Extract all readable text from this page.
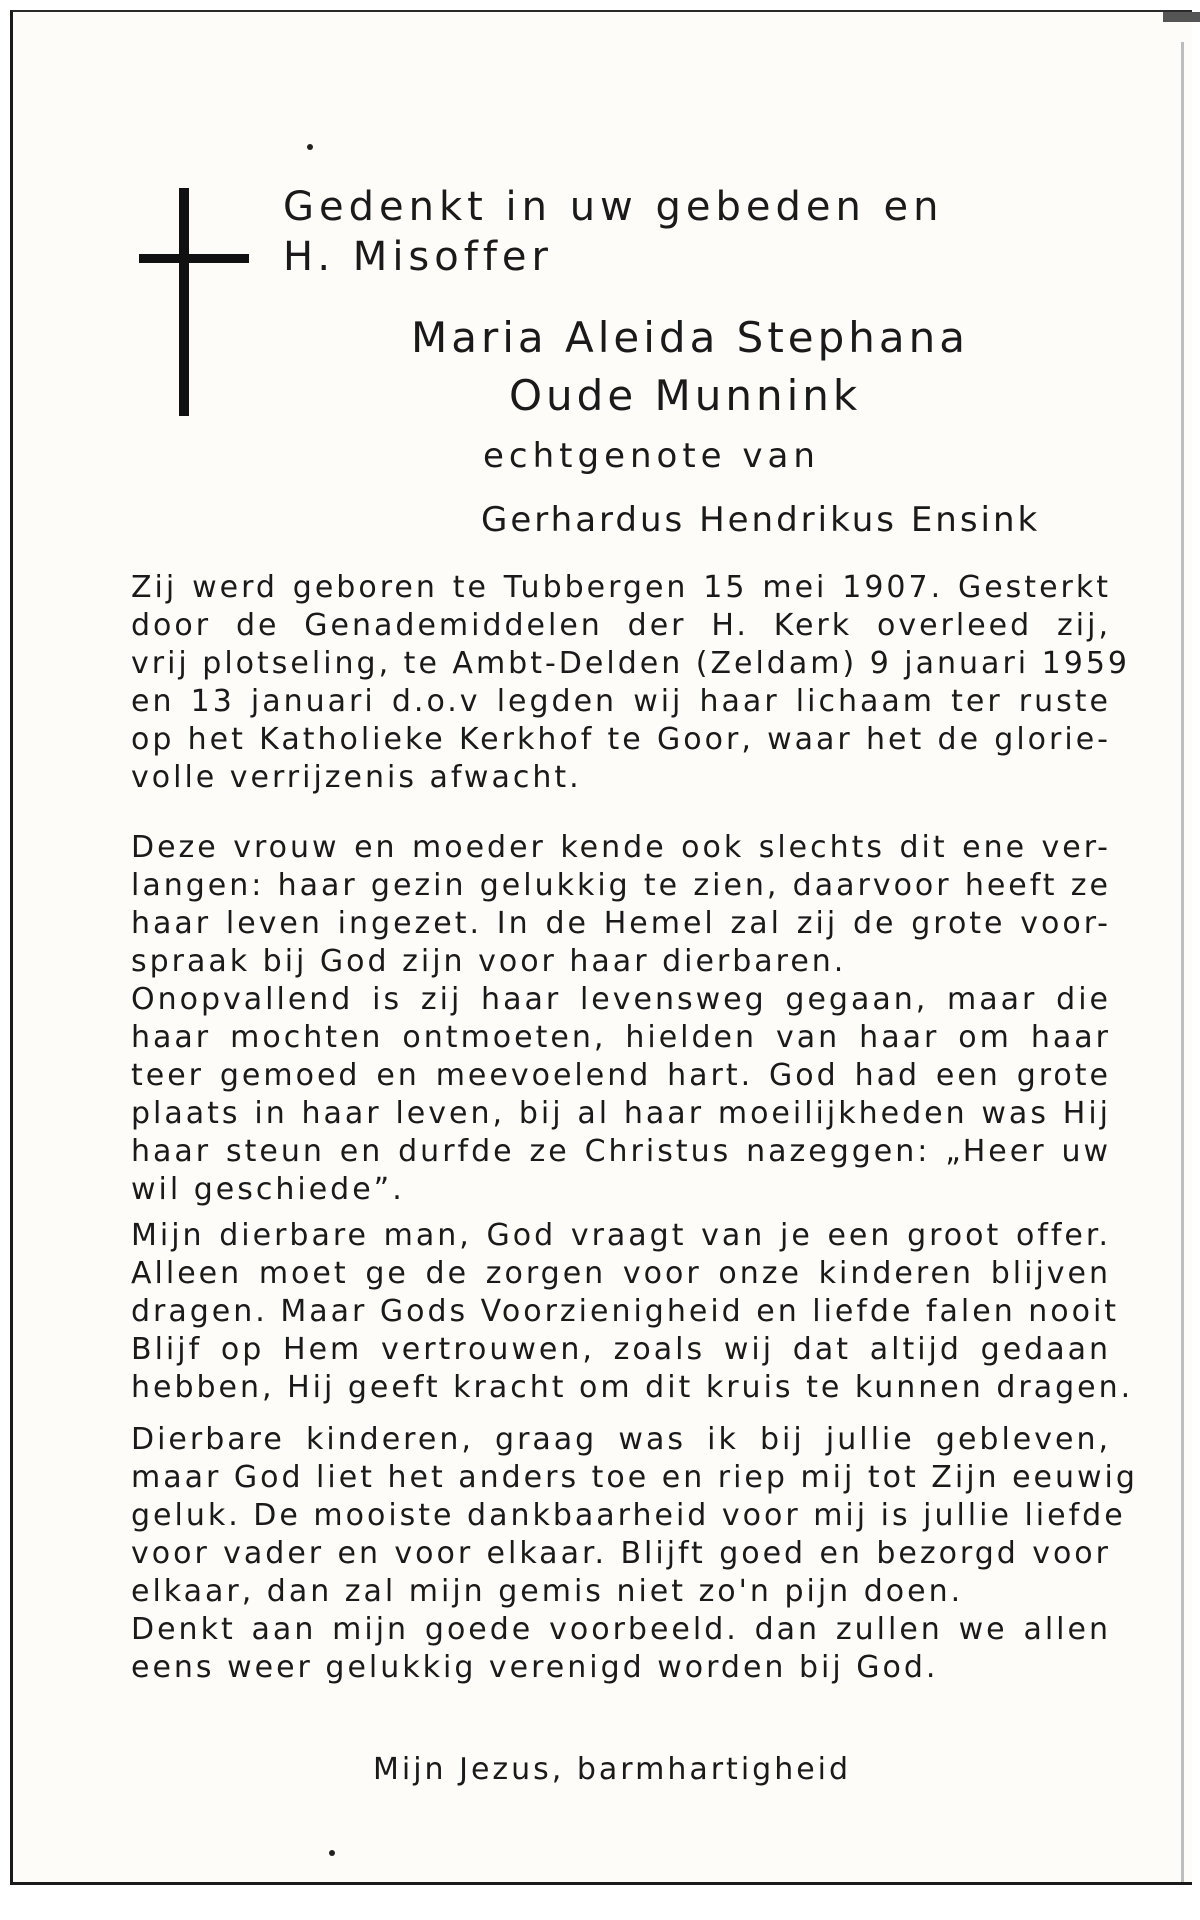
Gedenkt in uw gebeden en
H. Misoffer
Maria Aleida Stephana
Oude Munnink
echtgenote van
Gerhardus Hendrikus Ensink
Zij werd geboren te Tubbergen 15 mei 1907. Gesterkt
door de Genademiddelen der H. Kerk overleed zij,
vrij plotseling, te Ambt-Delden (Zeldam) 9 januari 1959
en 13 januari d.o.v legden wij haar lichaam ter ruste
op het Katholieke Kerkhof te Goor, waar het de glorie-
volle verrijzenis afwacht.
Deze vrouw en moeder kende ook slechts dit ene ver-
langen: haar gezin gelukkig te zien, daarvoor heeft ze
haar leven ingezet. In de Hemel zal zij de grote voor-
spraak bij God zijn voor haar dierbaren.
Onopvallend is zij haar levensweg gegaan, maar die
haar mochten ontmoeten, hielden van haar om haar
teer gemoed en meevoelend hart. God had een grote
plaats in haar leven, bij al haar moeilijkheden was Hij
haar steun en durfde ze Christus nazeggen: „Heer uw
wil geschiede”.
Mijn dierbare man, God vraagt van je een groot offer.
Alleen moet ge de zorgen voor onze kinderen blijven
dragen. Maar Gods Voorzienigheid en liefde falen nooit
Blijf op Hem vertrouwen, zoals wij dat altijd gedaan
hebben, Hij geeft kracht om dit kruis te kunnen dragen.
Dierbare kinderen, graag was ik bij jullie gebleven,
maar God liet het anders toe en riep mij tot Zijn eeuwig
geluk. De mooiste dankbaarheid voor mij is jullie liefde
voor vader en voor elkaar. Blijft goed en bezorgd voor
elkaar, dan zal mijn gemis niet zo'n pijn doen.
Denkt aan mijn goede voorbeeld. dan zullen we allen
eens weer gelukkig verenigd worden bij God.
Mijn Jezus, barmhartigheid
